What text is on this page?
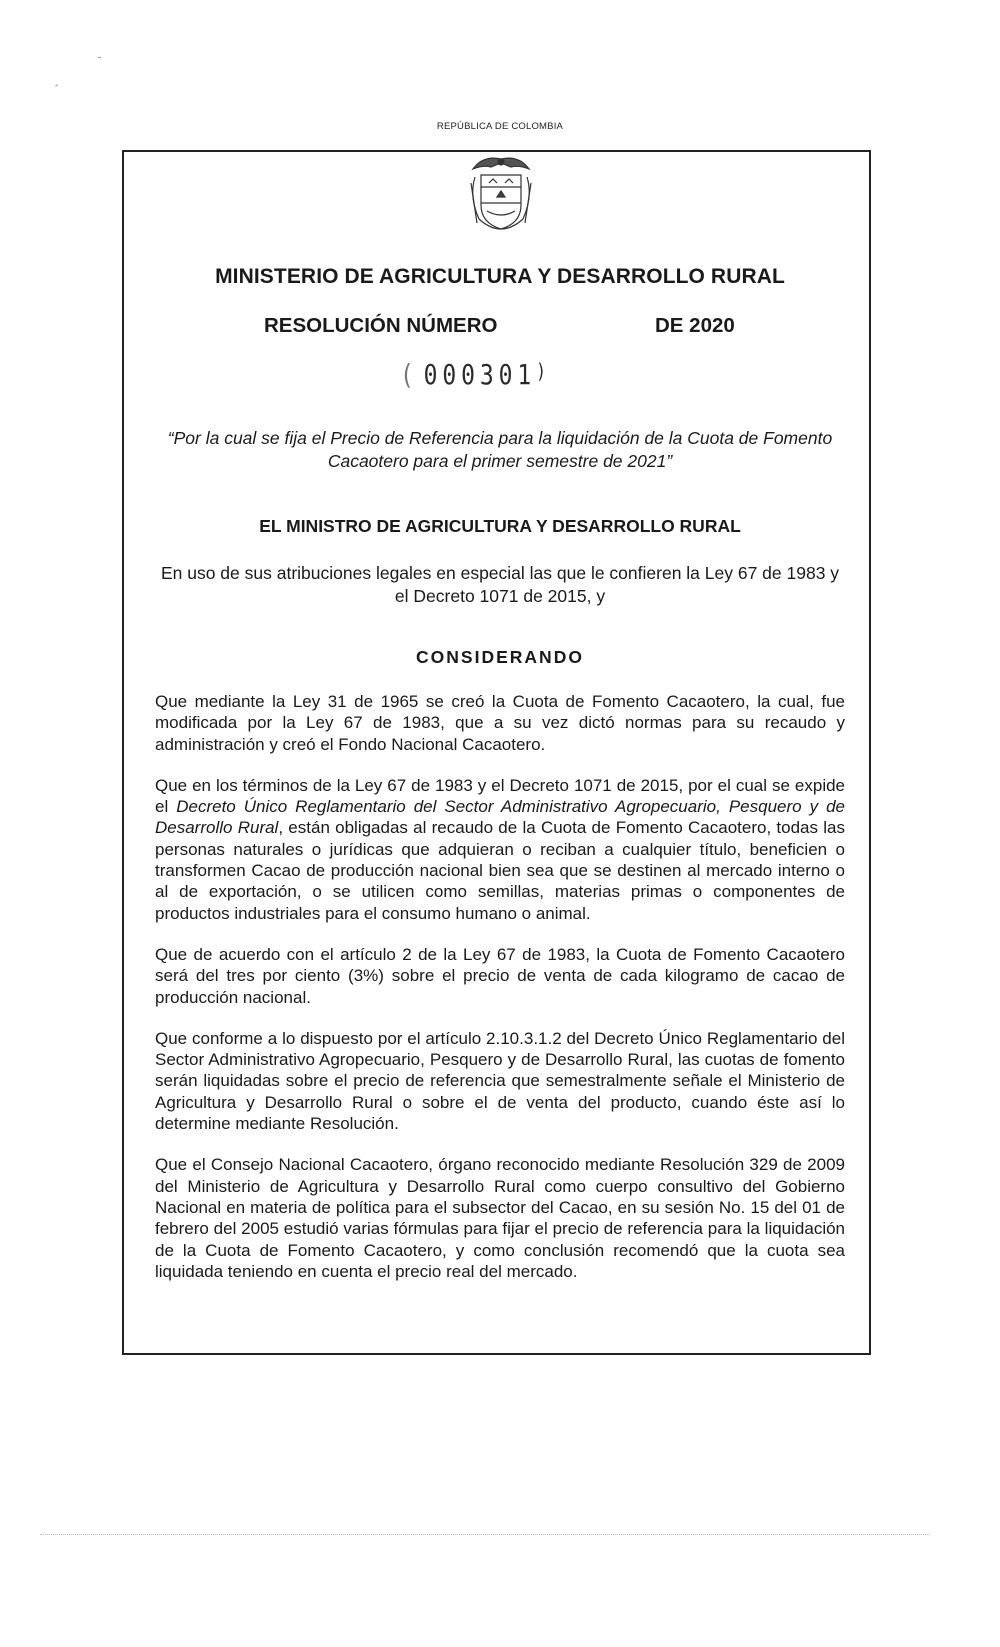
REPÚBLICA DE COLOMBIA
MINISTERIO DE AGRICULTURA Y DESARROLLO RURAL
RESOLUCIÓN NÚMERO	DE 2020
( 000301)
“Por la cual se fija el Precio de Referencia para la liquidación de la Cuota de Fomento Cacaotero para el primer semestre de 2021”
EL MINISTRO DE AGRICULTURA Y DESARROLLO RURAL
En uso de sus atribuciones legales en especial las que le confieren la Ley 67 de 1983 y el Decreto 1071 de 2015, y
CONSIDERANDO

Que mediante la Ley 31 de 1965 se creó la Cuota de Fomento Cacaotero, la cual, fue modificada por la Ley 67 de 1983, que a su vez dictó normas para su recaudo y administración y creó el Fondo Nacional Cacaotero.

Que en los términos de la Ley 67 de 1983 y el Decreto 1071 de 2015, por el cual se expide el Decreto Único Reglamentario del Sector Administrativo Agropecuario, Pesquero y de Desarrollo Rural, están obligadas al recaudo de la Cuota de Fomento Cacaotero, todas las personas naturales o jurídicas que adquieran o reciban a cualquier título, beneficien o transformen Cacao de producción nacional bien sea que se destinen al mercado interno o al de exportación, o se utilicen como semillas, materias primas o componentes de productos industriales para el consumo humano o animal.

Que de acuerdo con el artículo 2 de la Ley 67 de 1983, la Cuota de Fomento Cacaotero será del tres por ciento (3%) sobre el precio de venta de cada kilogramo de cacao de producción nacional.

Que conforme a lo dispuesto por el artículo 2.10.3.1.2 del Decreto Único Reglamentario del Sector Administrativo Agropecuario, Pesquero y de Desarrollo Rural, las cuotas de fomento serán liquidadas sobre el precio de referencia que semestralmente señale el Ministerio de Agricultura y Desarrollo Rural o sobre el de venta del producto, cuando éste así lo determine mediante Resolución.

Que el Consejo Nacional Cacaotero, órgano reconocido mediante Resolución 329 de 2009 del Ministerio de Agricultura y Desarrollo Rural como cuerpo consultivo del Gobierno Nacional en materia de política para el subsector del Cacao, en su sesión No. 15 del 01 de febrero del 2005 estudió varias fórmulas para fijar el precio de referencia para la liquidación de la Cuota de Fomento Cacaotero, y como conclusión recomendó que la cuota sea liquidada teniendo en cuenta el precio real del mercado.
